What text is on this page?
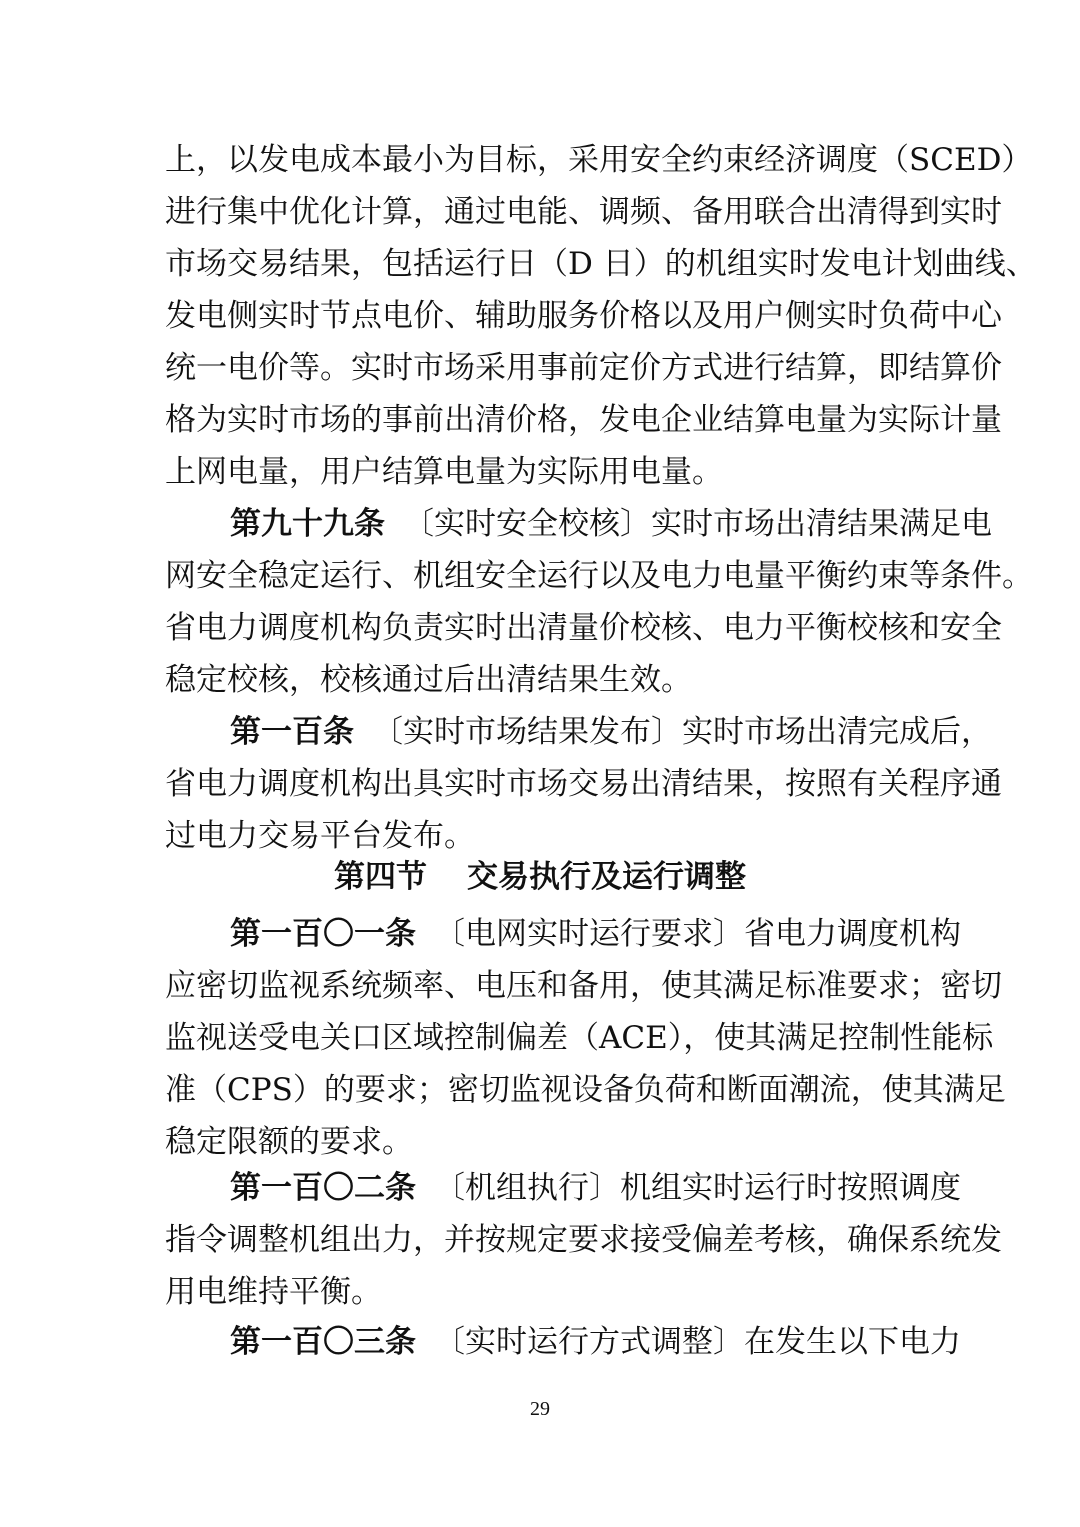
上，以发电成本最小为目标，采用安全约束经济调度（SCED）
进行集中优化计算，通过电能、调频、备用联合出清得到实时
市场交易结果，包括运行日（D 日）的机组实时发电计划曲线、
发电侧实时节点电价、辅助服务价格以及用户侧实时负荷中心
统一电价等。实时市场采用事前定价方式进行结算，即结算价
格为实时市场的事前出清价格，发电企业结算电量为实际计量
上网电量，用户结算电量为实际用电量。
第九十九条 〔实时安全校核〕实时市场出清结果满足电
网安全稳定运行、机组安全运行以及电力电量平衡约束等条件。
省电力调度机构负责实时出清量价校核、电力平衡校核和安全
稳定校核，校核通过后出清结果生效。
第一百条 〔实时市场结果发布〕实时市场出清完成后，
省电力调度机构出具实时市场交易出清结果，按照有关程序通
过电力交易平台发布。
第四节 交易执行及运行调整
第一百〇一条 〔电网实时运行要求〕省电力调度机构
应密切监视系统频率、电压和备用，使其满足标准要求；密切
监视送受电关口区域控制偏差（ACE），使其满足控制性能标
准（CPS）的要求；密切监视设备负荷和断面潮流，使其满足
稳定限额的要求。
第一百〇二条 〔机组执行〕机组实时运行时按照调度
指令调整机组出力，并按规定要求接受偏差考核，确保系统发
用电维持平衡。
第一百〇三条 〔实时运行方式调整〕在发生以下电力
29
